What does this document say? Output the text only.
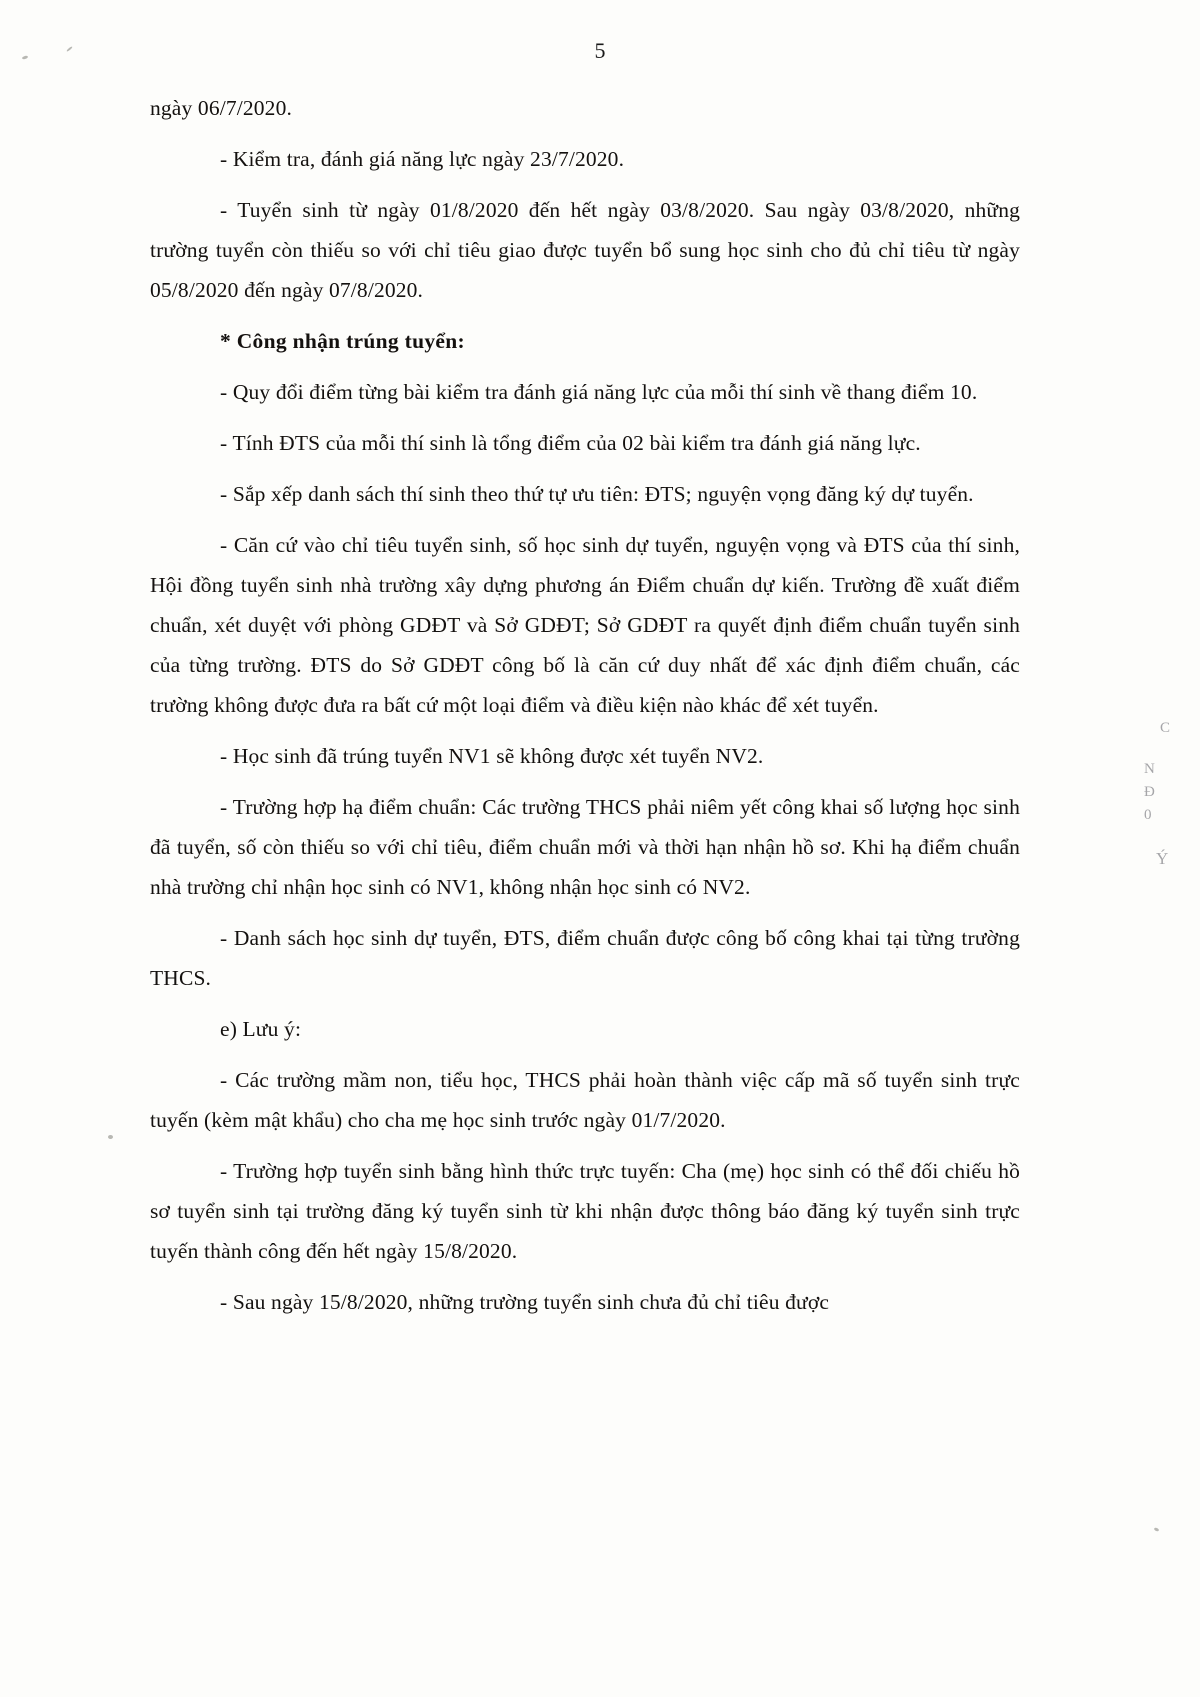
5

ngày 06/7/2020.

- Kiểm tra, đánh giá năng lực ngày 23/7/2020.

- Tuyển sinh từ ngày 01/8/2020 đến hết ngày 03/8/2020. Sau ngày 03/8/2020, những trường tuyển còn thiếu so với chỉ tiêu giao được tuyển bổ sung học sinh cho đủ chỉ tiêu từ ngày 05/8/2020 đến ngày 07/8/2020.

* Công nhận trúng tuyển:

- Quy đổi điểm từng bài kiểm tra đánh giá năng lực của mỗi thí sinh về thang điểm 10.

- Tính ĐTS của mỗi thí sinh là tổng điểm của 02 bài kiểm tra đánh giá năng lực.

- Sắp xếp danh sách thí sinh theo thứ tự ưu tiên: ĐTS; nguyện vọng đăng ký dự tuyển.

- Căn cứ vào chỉ tiêu tuyển sinh, số học sinh dự tuyển, nguyện vọng và ĐTS của thí sinh, Hội đồng tuyển sinh nhà trường xây dựng phương án Điểm chuẩn dự kiến. Trường đề xuất điểm chuẩn, xét duyệt với phòng GDĐT và Sở GDĐT; Sở GDĐT ra quyết định điểm chuẩn tuyển sinh của từng trường. ĐTS do Sở GDĐT công bố là căn cứ duy nhất để xác định điểm chuẩn, các trường không được đưa ra bất cứ một loại điểm và điều kiện nào khác để xét tuyển.

- Học sinh đã trúng tuyển NV1 sẽ không được xét tuyển NV2.

- Trường hợp hạ điểm chuẩn: Các trường THCS phải niêm yết công khai số lượng học sinh đã tuyển, số còn thiếu so với chỉ tiêu, điểm chuẩn mới và thời hạn nhận hồ sơ. Khi hạ điểm chuẩn nhà trường chỉ nhận học sinh có NV1, không nhận học sinh có NV2.

- Danh sách học sinh dự tuyển, ĐTS, điểm chuẩn được công bố công khai tại từng trường THCS.

e) Lưu ý:

- Các trường mầm non, tiểu học, THCS phải hoàn thành việc cấp mã số tuyển sinh trực tuyến (kèm mật khẩu) cho cha mẹ học sinh trước ngày 01/7/2020.

- Trường hợp tuyển sinh bằng hình thức trực tuyến: Cha (mẹ) học sinh có thể đối chiếu hồ sơ tuyển sinh tại trường đăng ký tuyển sinh từ khi nhận được thông báo đăng ký tuyển sinh trực tuyến thành công đến hết ngày 15/8/2020.

- Sau ngày 15/8/2020, những trường tuyển sinh chưa đủ chỉ tiêu được

C
N
Đ
0
Ý
